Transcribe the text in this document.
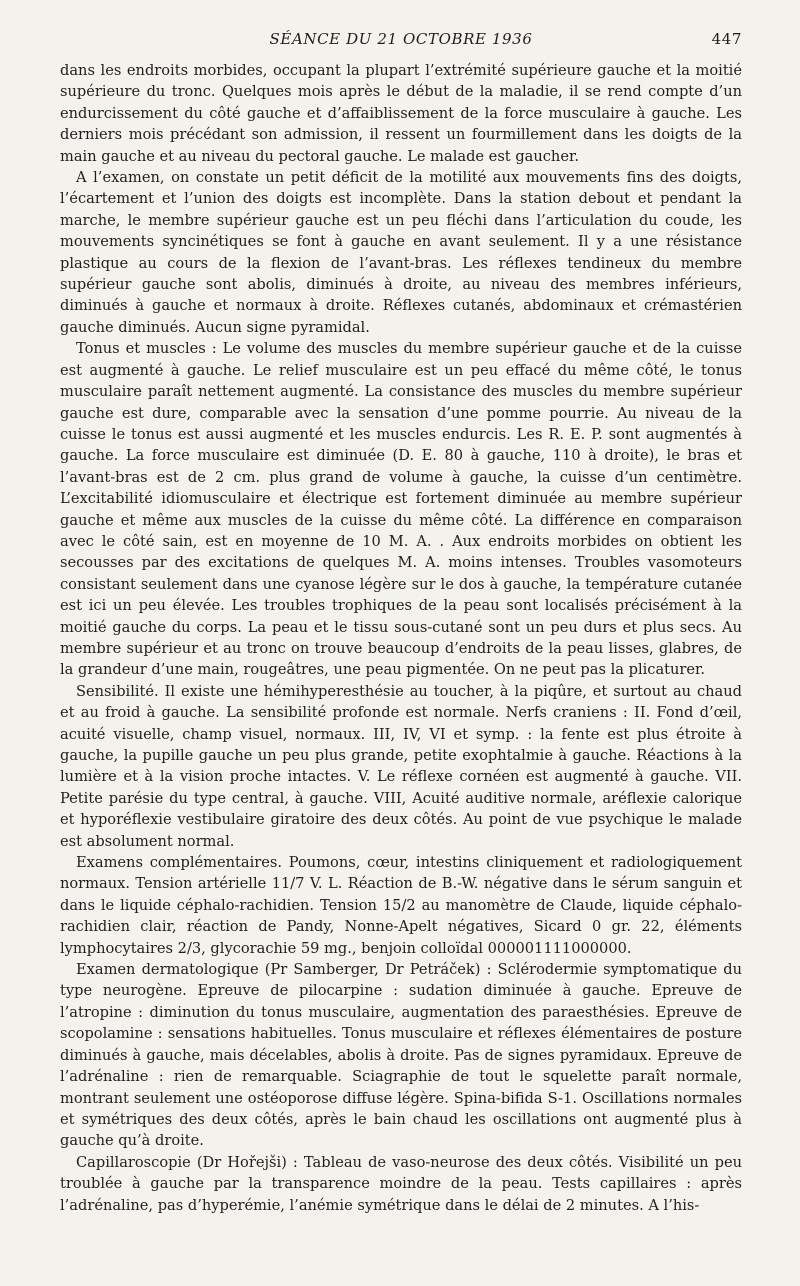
SÉANCE DU 21 OCTOBRE 1936	447

dans les endroits morbides, occupant la plupart l’extrémité supérieure gauche et la moitié supérieure du tronc. Quelques mois après le début de la maladie, il se rend compte d’un endurcissement du côté gauche et d’affaiblissement de la force musculaire à gauche. Les derniers mois précédant son admission, il ressent un fourmillement dans les doigts de la main gauche et au niveau du pectoral gauche. Le malade est gaucher.

A l’examen, on constate un petit déficit de la motilité aux mouvements fins des doigts, l’écartement et l’union des doigts est incomplète. Dans la station debout et pendant la marche, le membre supérieur gauche est un peu fléchi dans l’articulation du coude, les mouvements syncinétiques se font à gauche en avant seulement. Il y a une résistance plastique au cours de la flexion de l’avant-bras. Les réflexes tendineux du membre supérieur gauche sont abolis, diminués à droite, au niveau des membres inférieurs, diminués à gauche et normaux à droite. Réflexes cutanés, abdominaux et crémastérien gauche diminués. Aucun signe pyramidal.

Tonus et muscles : Le volume des muscles du membre supérieur gauche et de la cuisse est augmenté à gauche. Le relief musculaire est un peu effacé du même côté, le tonus musculaire paraît nettement augmenté. La consistance des muscles du membre supérieur gauche est dure, comparable avec la sensation d’une pomme pourrie. Au niveau de la cuisse le tonus est aussi augmenté et les muscles endurcis. Les R. E. P. sont augmentés à gauche. La force musculaire est diminuée (D. E. 80 à gauche, 110 à droite), le bras et l’avant-bras est de 2 cm. plus grand de volume à gauche, la cuisse d’un centimètre. L’excitabilité idiomusculaire et électrique est fortement diminuée au membre supérieur gauche et même aux muscles de la cuisse du même côté. La différence en comparaison avec le côté sain, est en moyenne de 10 M. A. . Aux endroits morbides on obtient les secousses par des excitations de quelques M. A. moins intenses. Troubles vasomoteurs consistant seulement dans une cyanose légère sur le dos à gauche, la température cutanée est ici un peu élevée. Les troubles trophiques de la peau sont localisés précisément à la moitié gauche du corps. La peau et le tissu sous-cutané sont un peu durs et plus secs. Au membre supérieur et au tronc on trouve beaucoup d’endroits de la peau lisses, glabres, de la grandeur d’une main, rougeâtres, une peau pigmentée. On ne peut pas la plicaturer.

Sensibilité. Il existe une hémihyperesthésie au toucher, à la piqûre, et surtout au chaud et au froid à gauche. La sensibilité profonde est normale. Nerfs craniens : II. Fond d’œil, acuité visuelle, champ visuel, normaux. III, IV, VI et symp. : la fente est plus étroite à gauche, la pupille gauche un peu plus grande, petite exophtalmie à gauche. Réactions à la lumière et à la vision proche intactes. V. Le réflexe cornéen est augmenté à gauche. VII. Petite parésie du type central, à gauche. VIII, Acuité auditive normale, aréflexie calorique et hyporéflexie vestibulaire giratoire des deux côtés. Au point de vue psychique le malade est absolument normal.

Examens complémentaires. Poumons, cœur, intestins cliniquement et radiologiquement normaux. Tension artérielle 11/7 V. L. Réaction de B.-W. négative dans le sérum sanguin et dans le liquide céphalo-rachidien. Tension 15/2 au manomètre de Claude, liquide céphalo-rachidien clair, réaction de Pandy, Nonne-Apelt négatives, Sicard 0 gr. 22, éléments lymphocytaires 2/3, glycorachie 59 mg., benjoin colloïdal 000001111000000.

Examen dermatologique (Pr Samberger, Dr Petráček) : Sclérodermie symptomatique du type neurogène. Epreuve de pilocarpine : sudation diminuée à gauche. Epreuve de l’atropine : diminution du tonus musculaire, augmentation des paraesthésies. Epreuve de scopolamine : sensations habituelles. Tonus musculaire et réflexes élémentaires de posture diminués à gauche, mais décelables, abolis à droite. Pas de signes pyramidaux. Epreuve de l’adrénaline : rien de remarquable. Sciagraphie de tout le squelette paraît normale, montrant seulement une ostéoporose diffuse légère. Spina-bifida S-1. Oscillations normales et symétriques des deux côtés, après le bain chaud les oscillations ont augmenté plus à gauche qu’à droite.

Capillaroscopie (Dr Hořejši) : Tableau de vaso-neurose des deux côtés. Visibilité un peu troublée à gauche par la transparence moindre de la peau. Tests capillaires : après l’adrénaline, pas d’hyperémie, l’anémie symétrique dans le délai de 2 minutes. A l’his-
